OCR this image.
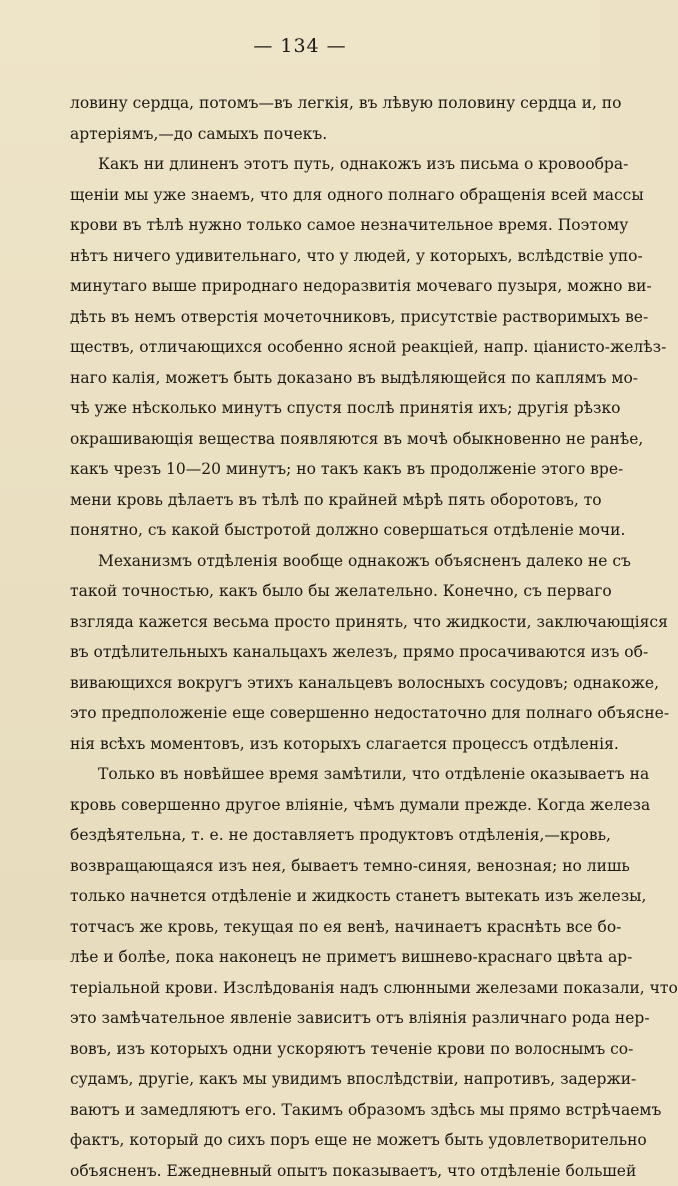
— 134 —
ловину сердца, потомъ—въ легкія, въ лѣвую половину сердца и, по
артеріямъ,—до самыхъ почекъ.
Какъ ни длиненъ этотъ путь, однакожъ изъ письма о кровообра-
щеніи мы уже знаемъ, что для одного полнаго обращенія всей массы
крови въ тѣлѣ нужно только самое незначительное время. Поэтому
нѣтъ ничего удивительнаго, что у людей, у которыхъ, вслѣдствіе упо-
минутаго выше природнаго недоразвитія мочеваго пузыря, можно ви-
дѣть въ немъ отверстія мочеточниковъ, присутствіе растворимыхъ ве-
ществъ, отличающихся особенно ясной реакціей, напр. ціанисто-желѣз-
наго калія, можетъ быть доказано въ выдѣляющейся по каплямъ мо-
чѣ уже нѣсколько минутъ спустя послѣ принятія ихъ; другія рѣзко
окрашивающія вещества появляются въ мочѣ обыкновенно не ранѣе,
какъ чрезъ 10—20 минутъ; но такъ какъ въ продолженіе этого вре-
мени кровь дѣлаетъ въ тѣлѣ по крайней мѣрѣ пять оборотовъ, то
понятно, съ какой быстротой должно совершаться отдѣленіе мочи.
Механизмъ отдѣленія вообще однакожъ объясненъ далеко не съ
такой точностью, какъ было бы желательно. Конечно, съ перваго
взгляда кажется весьма просто принять, что жидкости, заключающіяся
въ отдѣлительныхъ канальцахъ железъ, прямо просачиваются изъ об-
вивающихся вокругъ этихъ канальцевъ волосныхъ сосудовъ; однакоже,
это предположеніе еще совершенно недостаточно для полнаго объясне-
нія всѣхъ моментовъ, изъ которыхъ слагается процессъ отдѣленія.
Только въ новѣйшее время замѣтили, что отдѣленіе оказываетъ на
кровь совершенно другое вліяніе, чѣмъ думали прежде. Когда железа
бездѣятельна, т. е. не доставляетъ продуктовъ отдѣленія,—кровь,
возвращающаяся изъ нея, бываетъ темно-синяя, венозная; но лишь
только начнется отдѣленіе и жидкость станетъ вытекать изъ железы,
тотчасъ же кровь, текущая по ея венѣ, начинаетъ краснѣть все бо-
лѣе и болѣе, пока наконецъ не приметъ вишнево-краснаго цвѣта ар-
теріальной крови. Изслѣдованія надъ слюнными железами показали, что
это замѣчательное явленіе зависитъ отъ вліянія различнаго рода нер-
вовъ, изъ которыхъ одни ускоряютъ теченіе крови по волоснымъ со-
судамъ, другіе, какъ мы увидимъ впослѣдствіи, напротивъ, задержи-
ваютъ и замедляютъ его. Такимъ образомъ здѣсь мы прямо встрѣчаемъ
фактъ, который до сихъ поръ еще не можетъ быть удовлетворительно
объясненъ. Ежедневный опытъ показываетъ, что отдѣленіе большей
